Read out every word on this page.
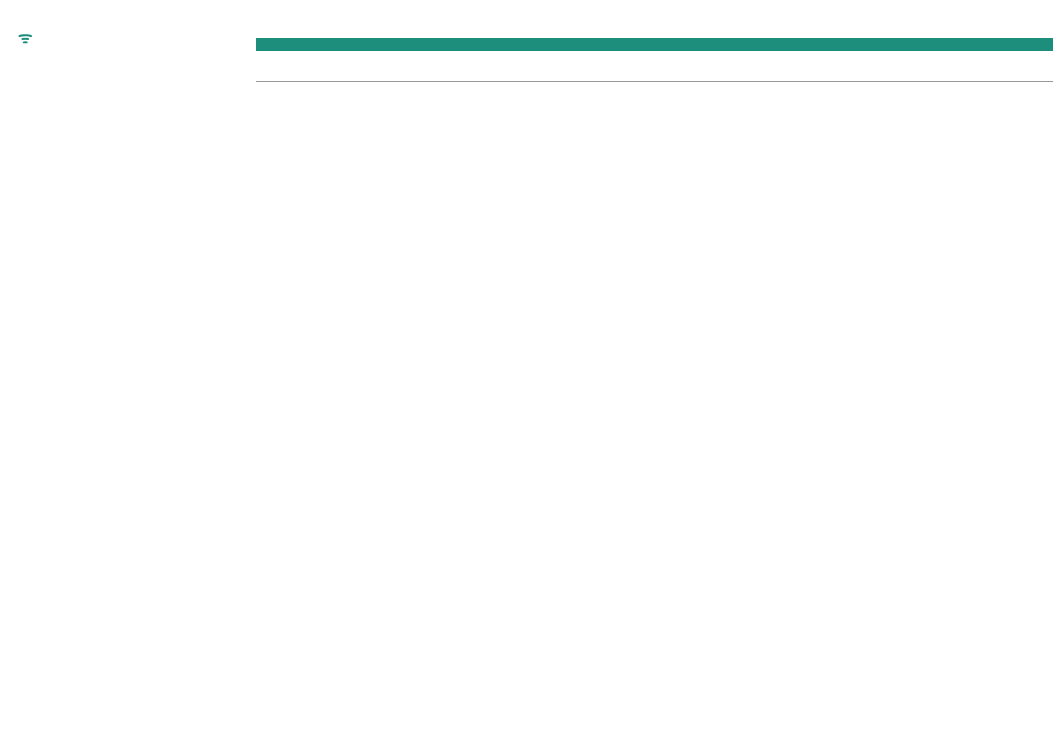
ᯤ
